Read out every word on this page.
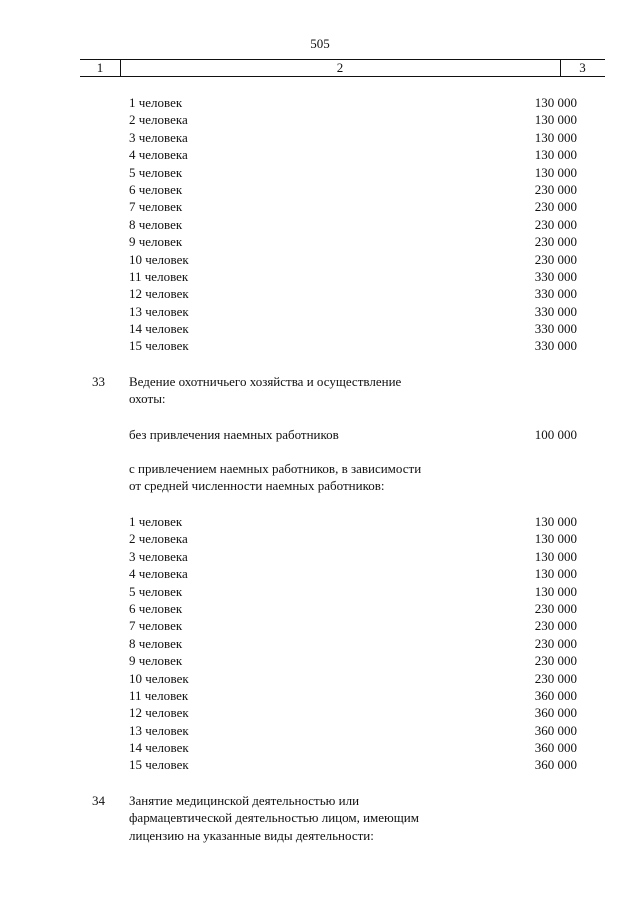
505
1	2	3
1 человек	130 000
2 человека	130 000
3 человека	130 000
4 человека	130 000
5 человек	130 000
6 человек	230 000
7 человек	230 000
8 человек	230 000
9 человек	230 000
10 человек	230 000
11 человек	330 000
12 человек	330 000
13 человек	330 000
14 человек	330 000
15 человек	330 000
33 Ведение охотничьего хозяйства и осуществление
охоты:
без привлечения наемных работников	100 000
с привлечением наемных работников, в зависимости
от средней численности наемных работников:
1 человек	130 000
2 человека	130 000
3 человека	130 000
4 человека	130 000
5 человек	130 000
6 человек	230 000
7 человек	230 000
8 человек	230 000
9 человек	230 000
10 человек	230 000
11 человек	360 000
12 человек	360 000
13 человек	360 000
14 человек	360 000
15 человек	360 000
34 Занятие медицинской деятельностью или
фармацевтической деятельностью лицом, имеющим
лицензию на указанные виды деятельности:
